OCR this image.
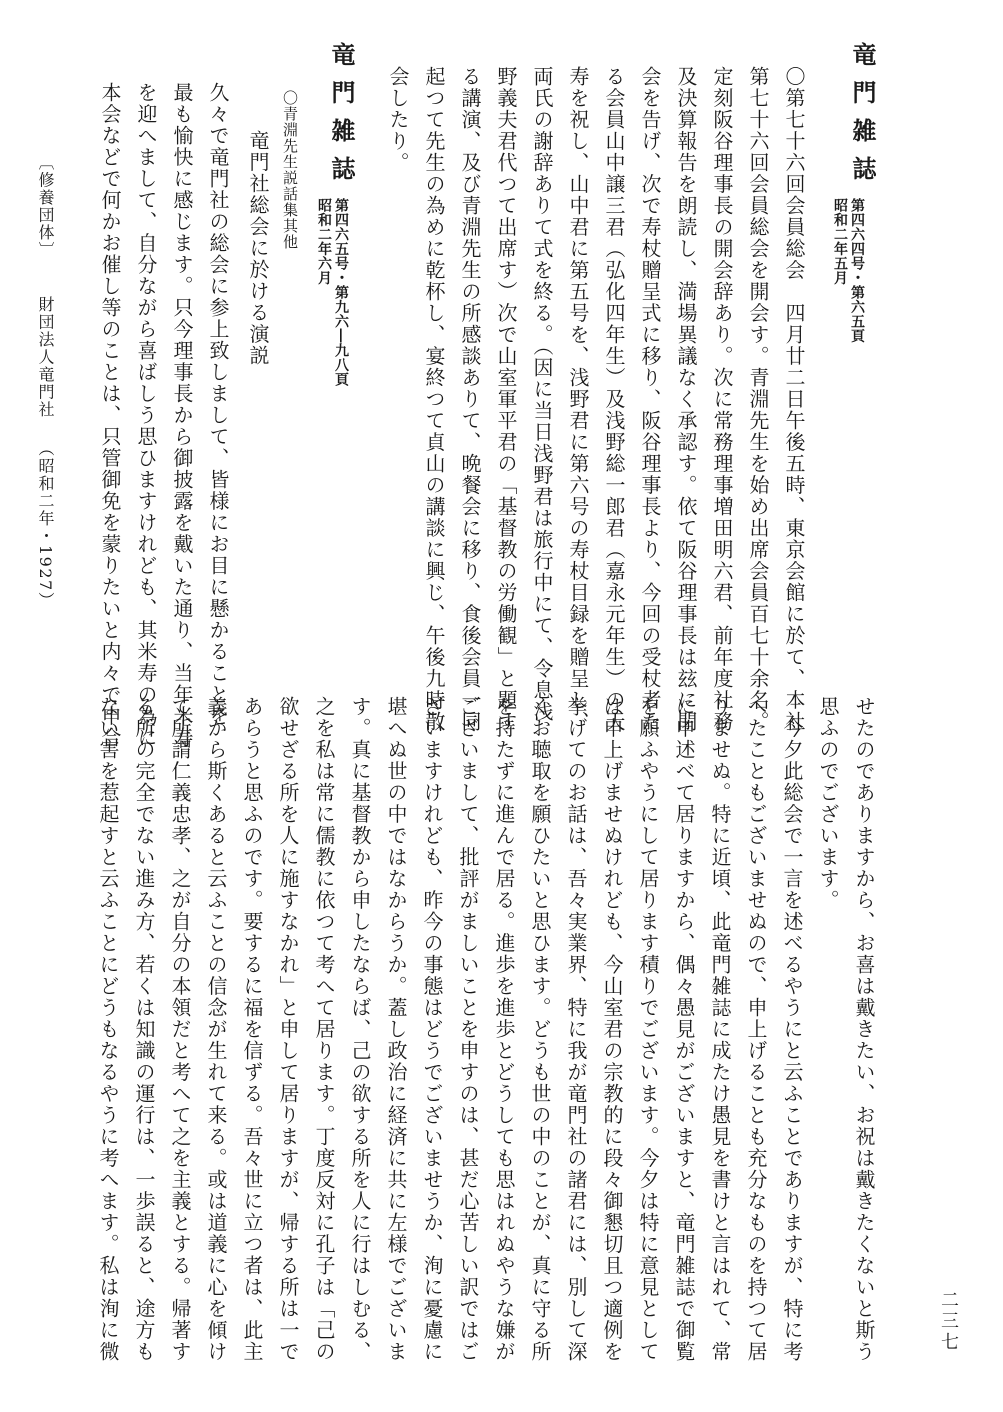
竜門雑誌
第四六四号・第六五頁
昭和二年五月
〇第七十六回会員総会　四月廿二日午後五時、東京会館に於て、本社
第七十六回会員総会を開会す。青淵先生を始め出席会員百七十余名。
定刻阪谷理事長の開会辞あり。次に常務理事増田明六君、前年度社務
及決算報告を朗読し、満場異議なく承認す。依て阪谷理事長は玆に閉
会を告げ、次で寿杖贈呈式に移り、阪谷理事長より、今回の受杖者た
る会員山中譲三君（弘化四年生）及浅野総一郎君（嘉永元年生）の天
寿を祝し、山中君に第五号を、浅野君に第六号の寿杖目録を贈呈し、
両氏の謝辞ありて式を終る。（因に当日浅野君は旅行中にて、令息浅
野義夫君代つて出席す）次で山室軍平君の「基督教の労働観」と題す
る講演、及び青淵先生の所感談ありて、晩餐会に移り、食後会員一同
起つて先生の為めに乾杯し、宴終つて貞山の講談に興じ、午後九時散
会したり。
竜門雑誌
第四六五号・第九六―九八頁
昭和二年六月
〇青淵先生説話集其他
竜門社総会に於ける演説
久々で竜門社の総会に参上致しまして、皆様にお目に懸かることを
最も愉快に感じます。只今理事長から御披露を戴いた通り、当年米寿
を迎へまして、自分ながら喜ばしう思ひますけれども、其米寿の為に
本会などで何かお催し等のことは、只管御免を蒙りたいと内々で申合
〔修養団体〕
財団法人竜門社
（昭和二年・1927）
せたのでありますから、お喜は戴きたい、お祝は戴きたくないと斯う
思ふのでございます。
　今夕此総会で一言を述べるやうにと云ふことでありますが、特に考
へたこともございませぬので、申上げることも充分なものを持つて居
りませぬ。特に近頃、此竜門雑誌に成たけ愚見を書けと言はれて、常
に申述べて居りますから、偶々愚見がございますと、竜門雑誌で御覧
を願ふやうにして居ります積りでございます。今夕は特に意見として
は申上げませぬけれども、今山室君の宗教的に段々御懇切且つ適例を
挙げてのお話は、吾々実業界、特に我が竜門社の諸君には、別して深
くお聴取を願ひたいと思ひます。どうも世の中のことが、真に守る所
を持たずに進んで居る。進歩を進歩とどうしても思はれぬやうな嫌が
ございまして、批評がましいことを申すのは、甚だ心苦しい訳ではご
ざいますけれども、昨今の事態はどうでございませうか、洵に憂慮に
堪へぬ世の中ではなからうか。蓋し政治に経済に共に左様でございま
す。真に基督教から申したならば、己の欲する所を人に行はしむる、
之を私は常に儒教に依つて考へて居ります。丁度反対に孔子は「己の
欲せざる所を人に施すなかれ」と申して居りますが、帰する所は一で
あらうと思ふのです。要するに福を信ずる。吾々世に立つ者は、此主
義から斯くあると云ふことの信念が生れて来る。或は道義に心を傾け
て所謂仁義忠孝、之が自分の本領だと考へて之を主義とする。帰著す
る所の完全でない進み方、若くは知識の運行は、一歩誤ると、途方も
ない害を惹起すと云ふことにどうもなるやうに考へます。私は洵に微	二三七
